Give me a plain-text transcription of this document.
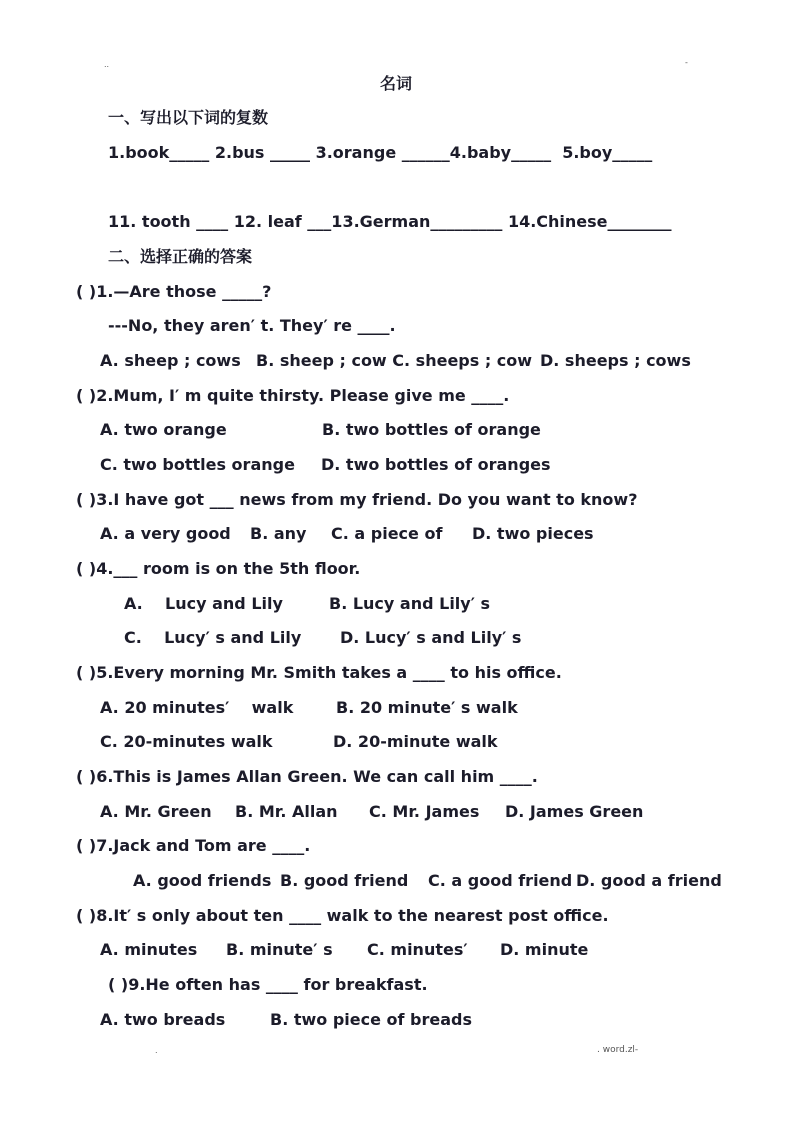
..	-
名词
一、写出以下词的复数
1.book_____ 2.bus _____ 3.orange ______4.baby_____  5.boy_____
11. tooth ____ 12. leaf ___13.German_________ 14.Chinese________
二、选择正确的答案
( )1.—Are those _____?
---No, they aren′ t. They′ re ____.
A. sheep ; cows B. sheep ; cow C. sheeps ; cow D. sheeps ; cows
( )2.Mum, I′ m quite thirsty. Please give me ____.
A. two orange	B. two bottles of orange
C. two bottles orange D. two bottles of oranges
( )3.I have got ___ news from my friend. Do you want to know?
A. a very good B. any C. a piece of D. two pieces
( )4.___ room is on the 5th floor.
A.    Lucy and Lily	B. Lucy and Lily′ s
C.    Lucy′ s and Lily D. Lucy′ s and Lily′ s
( )5.Every morning Mr. Smith takes a ____ to his office.
A. 20 minutes′    walk	B. 20 minute′ s walk
C. 20-minutes walk	D. 20-minute walk
( )6.This is James Allan Green. We can call him ____.
A. Mr. Green B. Mr. Allan C. Mr. James D. James Green
( )7.Jack and Tom are ____.
A. good friends B. good friend C. a good friend D. good a friend
( )8.It′ s only about ten ____ walk to the nearest post office.
A. minutes B. minute′ s C. minutes′ D. minute
( )9.He often has ____ for breakfast.
A. two breads	B. two piece of breads
.	. word.zl-
